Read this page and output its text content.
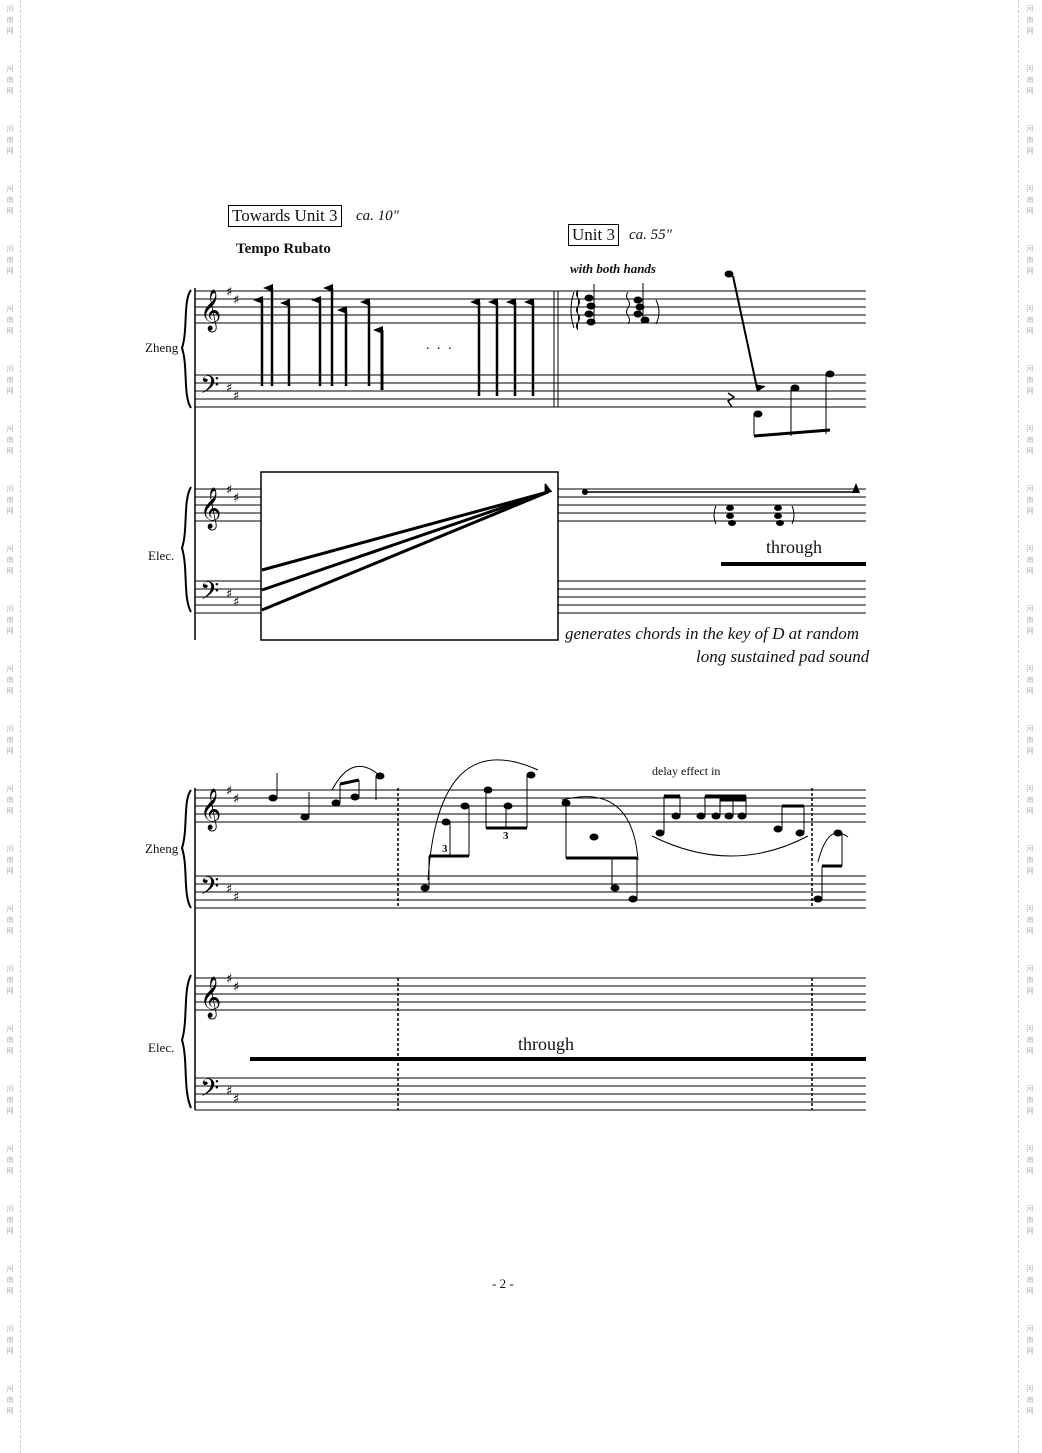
河
南
网
河
南
网
河
南
网
河
南
网
河
南
网
河
南
网
河
南
网
河
南
网
河
南
网
河
南
网
河
南
网
河
南
网
河
南
网
河
南
网
河
南
网
河
南
网
河
南
网
河
南
网
河
南
网
河
南
网
河
南
网
河
南
网
河
南
网
河
南
网
河
南
网
河
南
网
河
南
网
河
南
网
河
南
网
河
南
网
河
南
网
河
南
网
河
南
网
河
南
网
河
南
网
河
南
网
河
南
网
河
南
网
河
南
网
河
南
网
河
南
网
河
南
网
河
南
网
河
南
网
河
南
网
河
南
网
河
南
网
河
南
网
Towards Unit 3 ca. 10"
Tempo Rubato
Unit 3 ca. 55"
with both hands
. . .
Zheng
Elec.	through
generates chords in the key of D at random
long sustained pad sound
Zheng
Elec.
delay effect in
3
3
through
- 2 -
𝄞
𝄢
𝄞
𝄢
♯
♯
♯
♯
♯
♯
♯
♯
𝄞
𝄢
𝄞
𝄢
♯
♯
♯
♯
♯
♯
♯
♯
